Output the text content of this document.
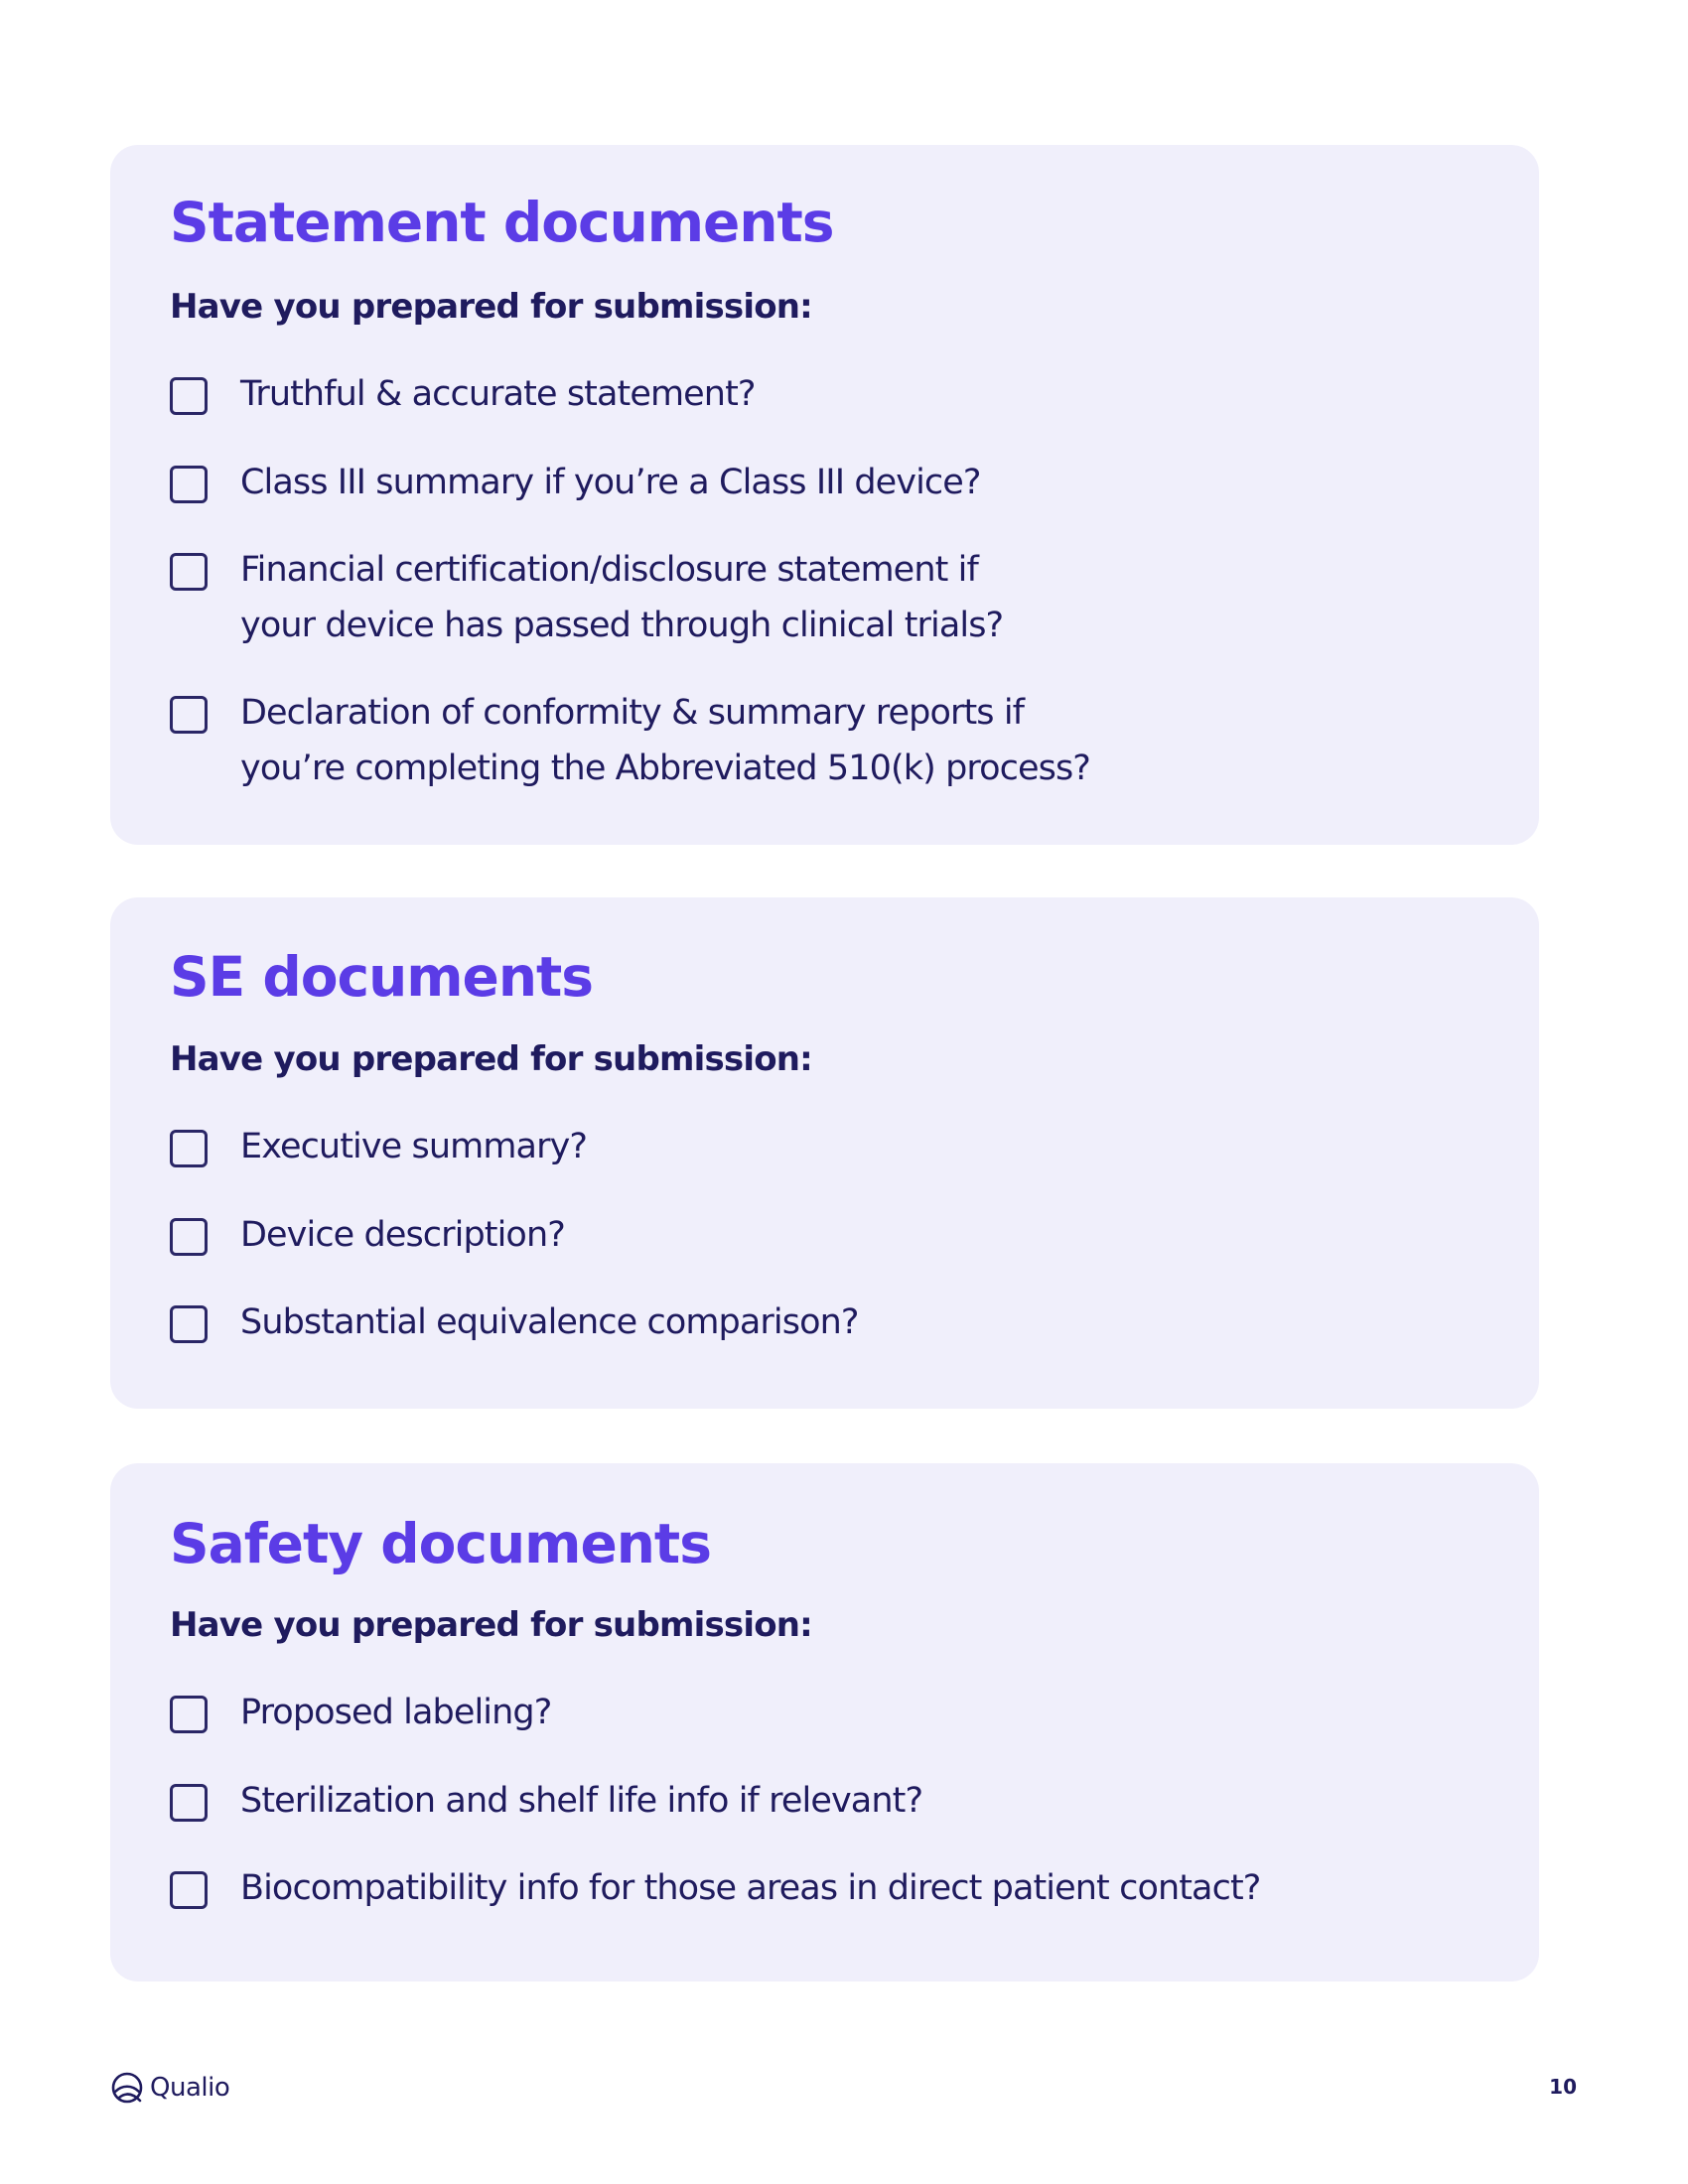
Statement documents

Have you prepared for submission:

Truthful & accurate statement?
Class III summary if you’re a Class III device?
Financial certification/disclosure statement if
your device has passed through clinical trials?
Declaration of conformity & summary reports if
you’re completing the Abbreviated 510(k) process?
SE documents

Have you prepared for submission:

Executive summary?
Device description?
Substantial equivalence comparison?
Safety documents

Have you prepared for submission:

Proposed labeling?
Sterilization and shelf life info if relevant?
Biocompatibility info for those areas in direct patient contact?
Qualio	10
